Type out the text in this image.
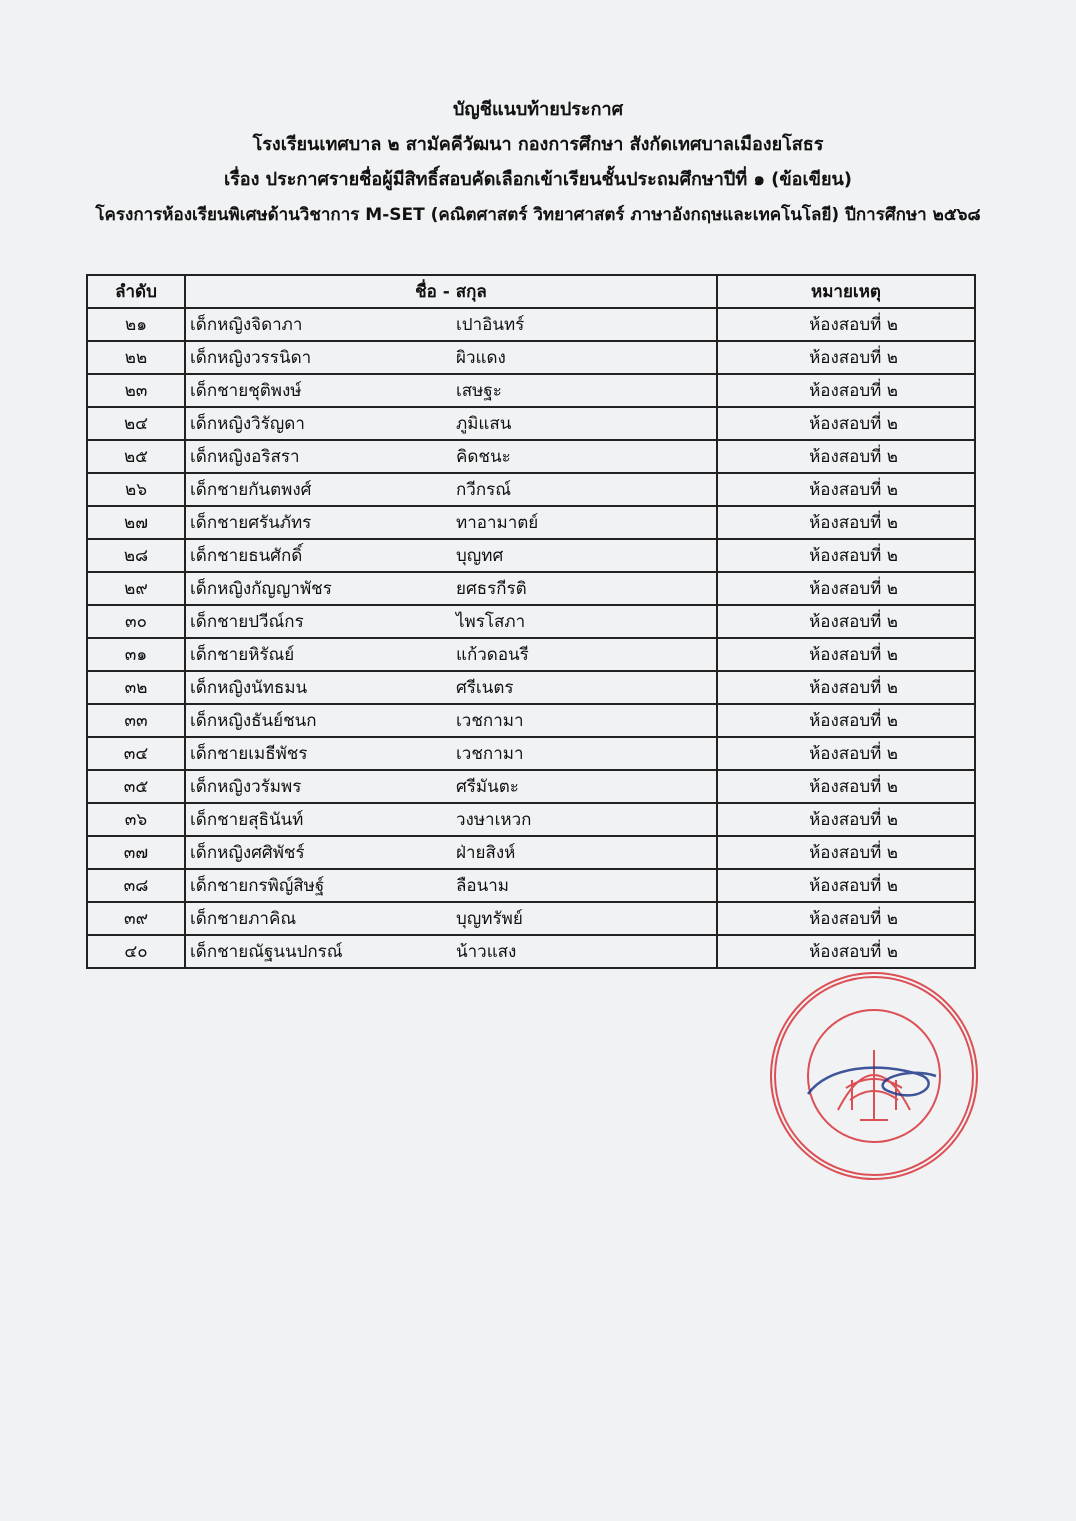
บัญชีแนบท้ายประกาศ
โรงเรียนเทศบาล ๒ สามัคคีวัฒนา กองการศึกษา สังกัดเทศบาลเมืองยโสธร
เรื่อง ประกาศรายชื่อผู้มีสิทธิ์สอบคัดเลือกเข้าเรียนชั้นประถมศึกษาปีที่ ๑ (ข้อเขียน)
โครงการห้องเรียนพิเศษด้านวิชาการ M-SET (คณิตศาสตร์ วิทยาศาสตร์ ภาษาอังกฤษและเทคโนโลยี) ปีการศึกษา ๒๕๖๘
ลำดับ	ชื่อ - สกุล	หมายเหตุ
๒๑	เด็กหญิงจิดาภา เปาอินทร์	ห้องสอบที่ ๒
๒๒	เด็กหญิงวรรนิดา ผิวแดง	ห้องสอบที่ ๒
๒๓	เด็กชายชุติพงษ์ เสษฐะ	ห้องสอบที่ ๒
๒๔	เด็กหญิงวิรัญดา ภูมิแสน	ห้องสอบที่ ๒
๒๕	เด็กหญิงอริสรา คิดชนะ	ห้องสอบที่ ๒
๒๖	เด็กชายกันตพงศ์ กวีกรณ์	ห้องสอบที่ ๒
๒๗	เด็กชายศรันภัทร ทาอามาตย์	ห้องสอบที่ ๒
๒๘	เด็กชายธนศักดิ์ บุญทศ	ห้องสอบที่ ๒
๒๙	เด็กหญิงกัญญาพัชร ยศธรกีรติ	ห้องสอบที่ ๒
๓๐	เด็กชายปวีณ์กร ไพรโสภา	ห้องสอบที่ ๒
๓๑	เด็กชายหิรัณย์ แก้วดอนรี	ห้องสอบที่ ๒
๓๒	เด็กหญิงนัทธมน ศรีเนตร	ห้องสอบที่ ๒
๓๓	เด็กหญิงธันย์ชนก เวชกามา	ห้องสอบที่ ๒
๓๔	เด็กชายเมธีพัชร เวชกามา	ห้องสอบที่ ๒
๓๕	เด็กหญิงวรัมพร ศรีมันตะ	ห้องสอบที่ ๒
๓๖	เด็กชายสุธินันท์ วงษาเหวก	ห้องสอบที่ ๒
๓๗	เด็กหญิงศศิพัชร์ ฝ่ายสิงห์	ห้องสอบที่ ๒
๓๘	เด็กชายกรพิญ์สิษฐ์ ลือนาม	ห้องสอบที่ ๒
๓๙	เด็กชายภาคิณ บุญทรัพย์	ห้องสอบที่ ๒
๔๐	เด็กชายณัฐนนปกรณ์ น้าวแสง	ห้องสอบที่ ๒
